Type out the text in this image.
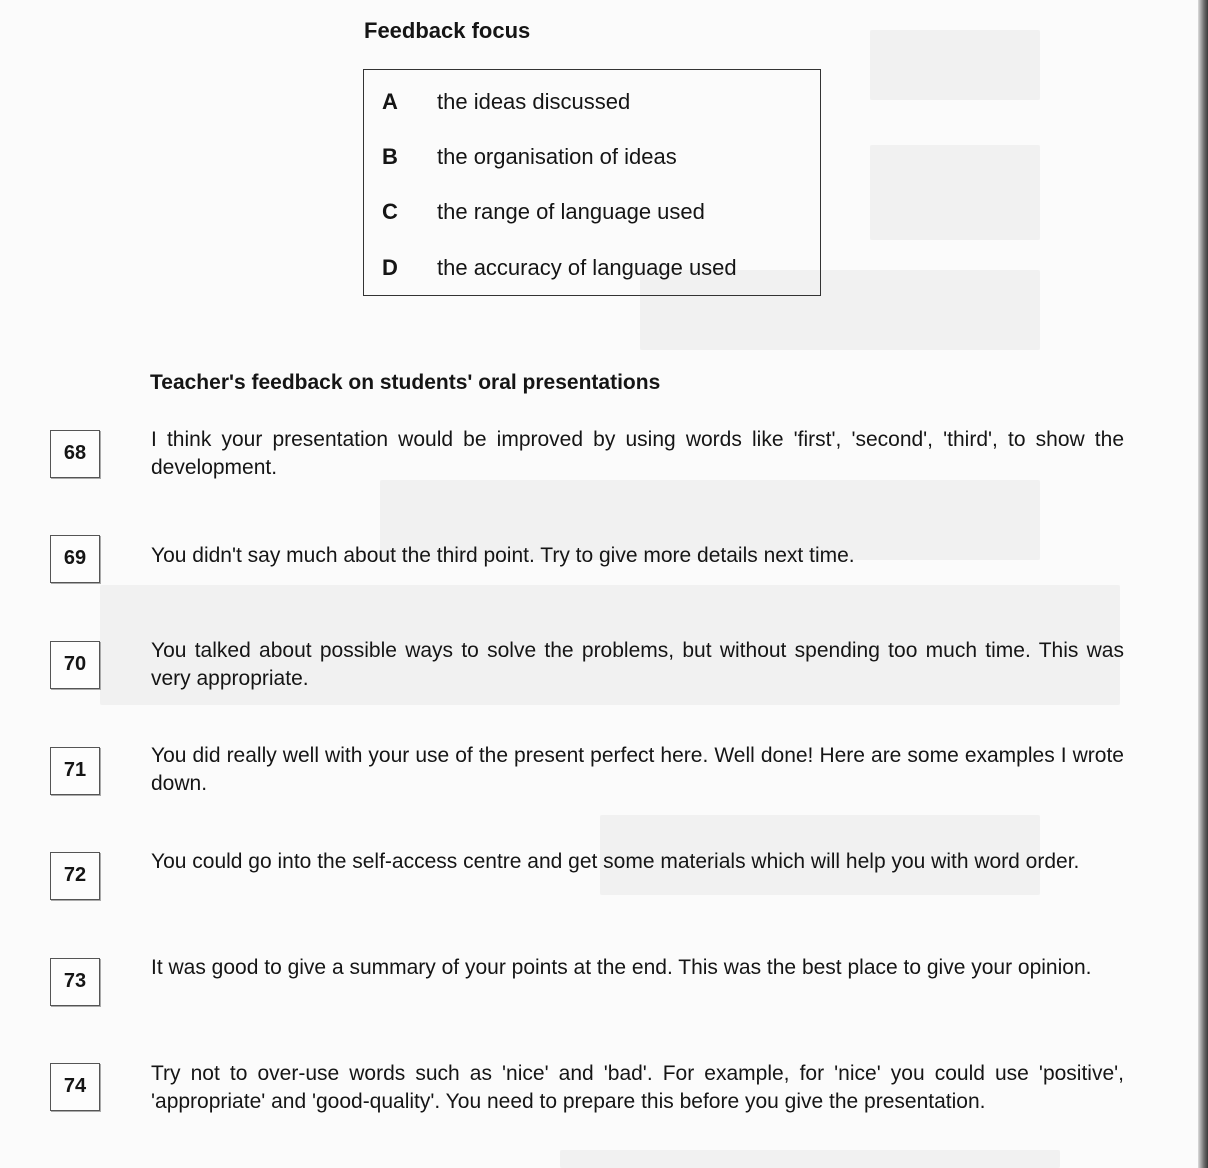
Feedback focus
A the ideas discussed
B the organisation of ideas
C the range of language used
D the accuracy of language used
Teacher's feedback on students' oral presentations
68
I think your presentation would be improved by using words like 'first', 'second', 'third', to show the development.
69	You didn't say much about the third point. Try to give more details next time.
70
You talked about possible ways to solve the problems, but without spending too much time. This was very appropriate.
71
You did really well with your use of the present perfect here. Well done! Here are some examples I wrote down.
72
You could go into the self-access centre and get some materials which will help you with word order.
73
It was good to give a summary of your points at the end. This was the best place to give your opinion.
74
Try not to over-use words such as 'nice' and 'bad'. For example, for 'nice' you could use 'positive', 'appropriate' and 'good-quality'. You need to prepare this before you give the presentation.
